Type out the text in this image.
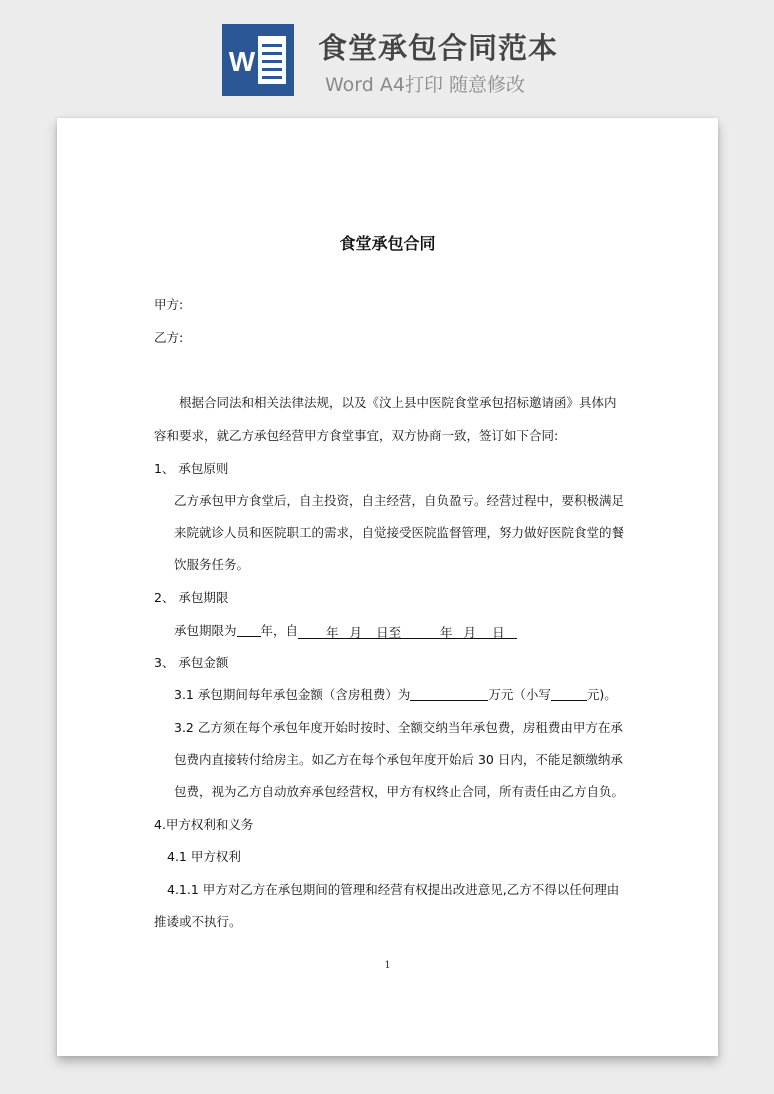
W 食堂承包合同范本
Word A4打印 随意修改

食堂承包合同
甲方:
乙方:
根据合同法和相关法律法规，以及《汶上县中医院食堂承包招标邀请函》具体内
容和要求，就乙方承包经营甲方食堂事宜，双方协商一致，签订如下合同:
1、 承包原则
乙方承包甲方食堂后，自主投资，自主经营，自负盈亏。经营过程中，要积极满足
来院就诊人员和医院职工的需求，自觉接受医院监督管理，努力做好医院食堂的餐
饮服务任务。
2、 承包期限
承包期限为 年，自 年 月 日至	年 月 日
3、 承包金额
3.1 承包期间每年承包金额（含房租费）为	万元（小写	元)。
3.2 乙方须在每个承包年度开始时按时、全额交纳当年承包费，房租费由甲方在承
包费内直接转付给房主。如乙方在每个承包年度开始后 30 日内，不能足额缴纳承
包费，视为乙方自动放弃承包经营权，甲方有权终止合同，所有责任由乙方自负。
4.甲方权利和义务
4.1 甲方权利
4.1.1 甲方对乙方在承包期间的管理和经营有权提出改进意见,乙方不得以任何理由
推诿或不执行。
1
